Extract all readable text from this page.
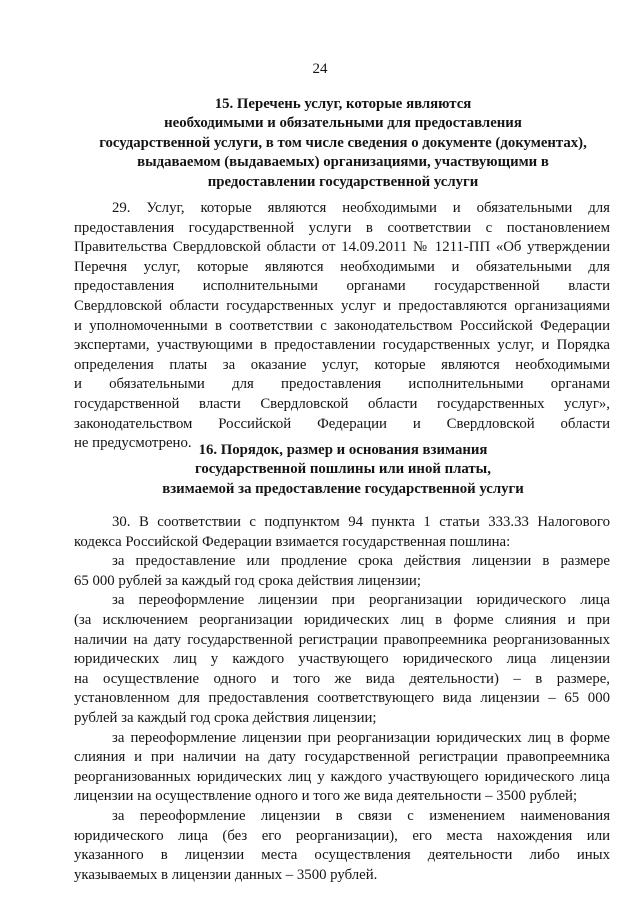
24
15. Перечень услуг, которые являются
необходимыми и обязательными для предоставления
государственной услуги, в том числе сведения о документе (документах),
выдаваемом (выдаваемых) организациями, участвующими в
предоставлении государственной услуги
29. Услуг, которые являются необходимыми и обязательными для
предоставления государственной услуги в соответствии с постановлением
Правительства Свердловской области от 14.09.2011 № 1211-ПП «Об утверждении
Перечня услуг, которые являются необходимыми и обязательными для
предоставления исполнительными органами государственной власти
Свердловской области государственных услуг и предоставляются организациями
и уполномоченными в соответствии с законодательством Российской Федерации
экспертами, участвующими в предоставлении государственных услуг, и Порядка
определения платы за оказание услуг, которые являются необходимыми
и обязательными для предоставления исполнительными органами
государственной власти Свердловской области государственных услуг»,
законодательством Российской Федерации и Свердловской области
не предусмотрено. 16. Порядок, размер и основания взимания
государственной пошлины или иной платы,
взимаемой за предоставление государственной услуги
30. В соответствии с подпунктом 94 пункта 1 статьи 333.33 Налогового
кодекса Российской Федерации взимается государственная пошлина:
за предоставление или продление срока действия лицензии в размере
65 000 рублей за каждый год срока действия лицензии;
за переоформление лицензии при реорганизации юридического лица
(за исключением реорганизации юридических лиц в форме слияния и при
наличии на дату государственной регистрации правопреемника реорганизованных
юридических лиц у каждого участвующего юридического лица лицензии
на осуществление одного и того же вида деятельности) – в размере,
установленном для предоставления соответствующего вида лицензии – 65 000
рублей за каждый год срока действия лицензии;
за переоформление лицензии при реорганизации юридических лиц в форме
слияния и при наличии на дату государственной регистрации правопреемника
реорганизованных юридических лиц у каждого участвующего юридического лица
лицензии на осуществление одного и того же вида деятельности – 3500 рублей;
за переоформление лицензии в связи с изменением наименования
юридического лица (без его реорганизации), его места нахождения или
указанного в лицензии места осуществления деятельности либо иных
указываемых в лицензии данных – 3500 рублей.
